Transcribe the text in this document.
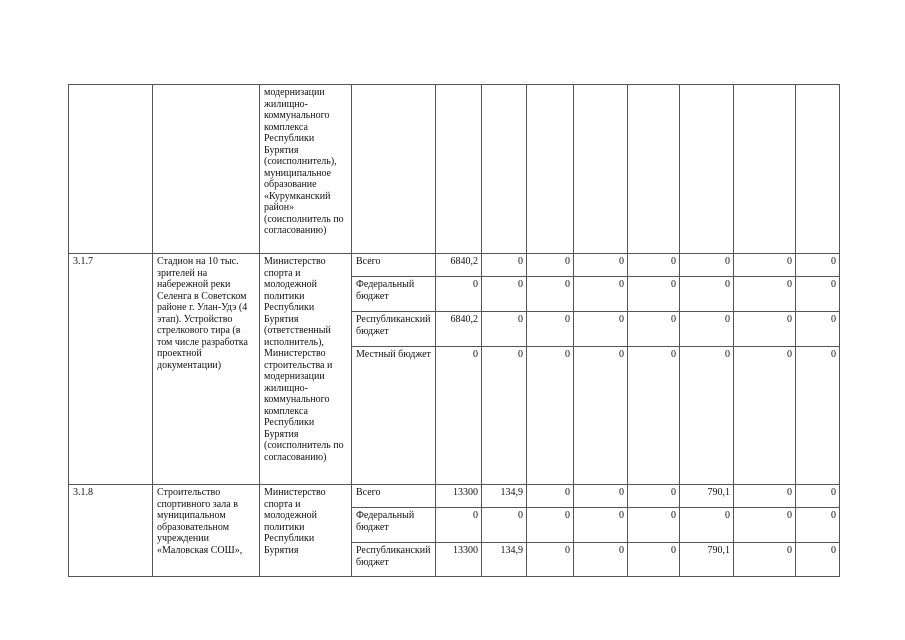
		модернизации жилищно-коммунального комплекса Республики Бурятия (соисполнитель), муниципальное образование «Курумканский район» (соисполнитель по согласованию)									
3.1.7	Стадион на 10 тыс. зрителей на набережной реки Селенга в Советском районе г. Улан-Удэ (4 этап). Устройство стрелкового тира (в том числе разработка проектной документации)	Министерство спорта и молодежной политики Республики Бурятия (ответственный исполнитель), Министерство строительства и модернизации жилищно-коммунального комплекса Республики Бурятия (соисполнитель по согласованию)	Всего	6840,2	0	0	0	0	0	0	0
			Федеральный бюджет	0	0	0	0	0	0	0	0
			Республиканский бюджет	6840,2	0	0	0	0	0	0	0
			Местный бюджет	0	0	0	0	0	0	0	0
3.1.8	Строительство спортивного зала в муниципальном образовательном учреждении «Маловская СОШ»,	Министерство спорта и молодежной политики Республики Бурятия	Всего	13300	134,9	0	0	0	790,1	0	0
			Федеральный бюджет	0	0	0	0	0	0	0	0
			Республиканский бюджет	13300	134,9	0	0	0	790,1	0	0
